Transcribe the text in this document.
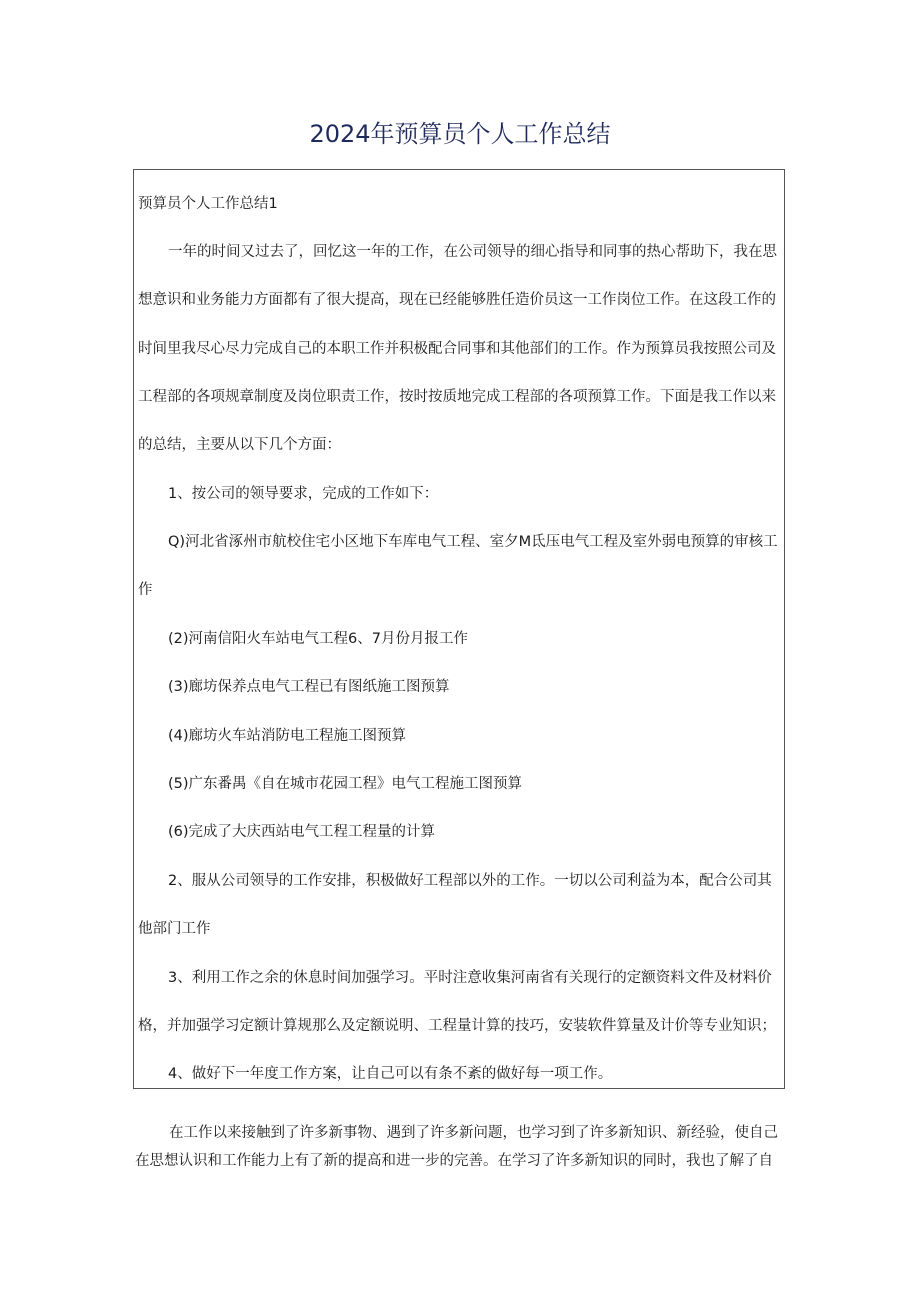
2024年预算员个人工作总结

预算员个人工作总结1

一年的时间又过去了，回忆这一年的工作，在公司领导的细心指导和同事的热心帮助下，我在思

想意识和业务能力方面都有了很大提高，现在已经能够胜任造价员这一工作岗位工作。在这段工作的

时间里我尽心尽力完成自己的本职工作并积极配合同事和其他部们的工作。作为预算员我按照公司及

工程部的各项规章制度及岗位职责工作，按时按质地完成工程部的各项预算工作。下面是我工作以来

的总结，主要从以下几个方面：

1、按公司的领导要求，完成的工作如下：

Q)河北省涿州市航校住宅小区地下车库电气工程、室夕M氐压电气工程及室外弱电预算的审核工

作

(2)河南信阳火车站电气工程6、7月份月报工作

(3)廊坊保养点电气工程已有图纸施工图预算

(4)廊坊火车站消防电工程施工图预算

(5)广东番禺《自在城市花园工程》电气工程施工图预算

(6)完成了大庆西站电气工程工程量的计算

2、服从公司领导的工作安排，积极做好工程部以外的工作。一切以公司利益为本，配合公司其

他部门工作

3、利用工作之余的休息时间加强学习。平时注意收集河南省有关现行的定额资料文件及材料价

格，并加强学习定额计算规那么及定额说明、工程量计算的技巧，安装软件算量及计价等专业知识；

4、做好下一年度工作方案，让自己可以有条不紊的做好每一项工作。

在工作以来接触到了许多新事物、遇到了许多新问题，也学习到了许多新知识、新经验，使自己

在思想认识和工作能力上有了新的提高和进一步的完善。在学习了许多新知识的同时，我也了解了自
